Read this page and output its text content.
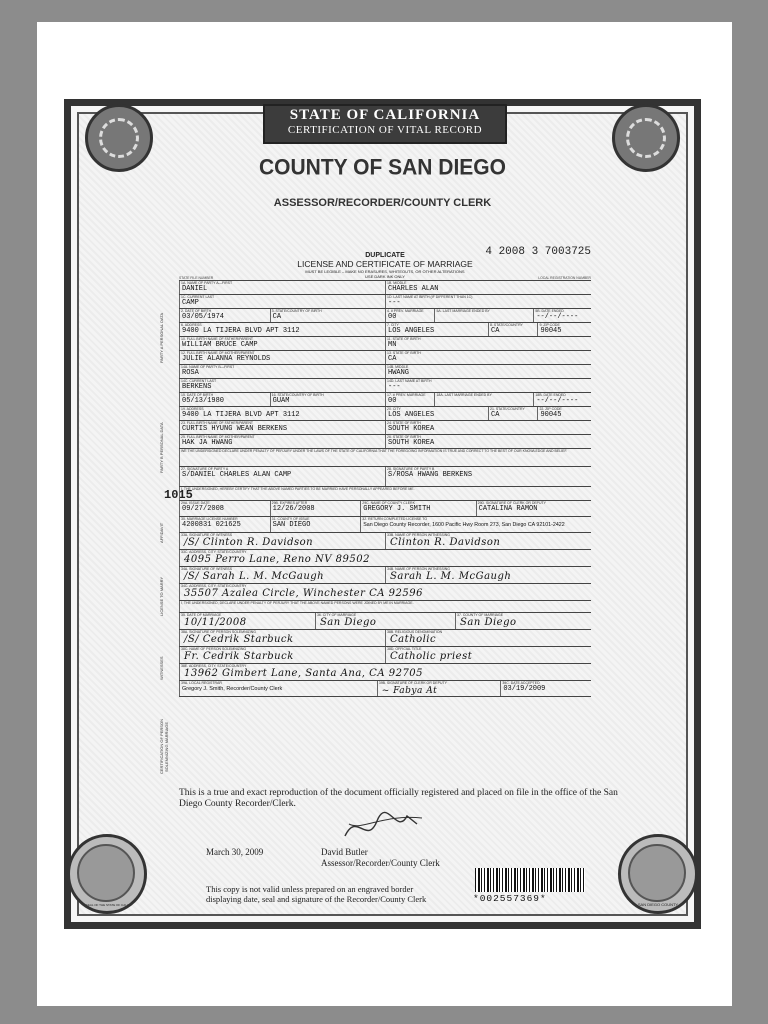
STATE OF CALIFORNIA
CERTIFICATION OF VITAL RECORD
COUNTY OF SAN DIEGO
ASSESSOR/RECORDER/COUNTY CLERK
DUPLICATE
LICENSE AND CERTIFICATE OF MARRIAGE
MUST BE LEGIBLE – MAKE NO ERASURES, WHITEOUTS, OR OTHER ALTERATIONS
USE DARK INK ONLY
4 2008 3 7003725
STATE FILE NUMBER	LOCAL REGISTRATION NUMBER
1015
PARTY A PERSONAL DATA
PARTY B PERSONAL DATA
AFFIDAVIT
LICENSE TO MARRY
WITNESSES
CERTIFICATION OF PERSON SOLEMNIZING MARRIAGE
1A. NAME OF PARTY A—FIRST
DANIEL
1B. MIDDLE
CHARLES ALAN
1C. CURRENT LAST
CAMP
1D. LAST NAME AT BIRTH (IF DIFFERENT THAN 1C)
---
2. DATE OF BIRTH
03/05/1974
3. STATE/COUNTRY OF BIRTH
CA
4. # PREV. MARRIAGE
00
5A. LAST MARRIAGE ENDED BY	5B. DATE ENDED
--/--/----
6. ADDRESS
9400 LA TIJERA BLVD APT 3112
7. CITY
LOS ANGELES
8. STATE/COUNTRY
CA
9. ZIP CODE
90045
10. FULL BIRTH NAME OF FATHER/PARENT
WILLIAM BRUCE CAMP
11. STATE OF BIRTH
MN
12. FULL BIRTH NAME OF MOTHER/PARENT
JULIE ALANNA REYNOLDS
13. STATE OF BIRTH
CA
14A. NAME OF PARTY B—FIRST
ROSA
14B. MIDDLE
HWANG
14C. CURRENT LAST
BERKENS
14D. LAST NAME AT BIRTH
---
15. DATE OF BIRTH
05/13/1980
16. STATE/COUNTRY OF BIRTH
GUAM
17. # PREV. MARRIAGE
00
18A. LAST MARRIAGE ENDED BY	18B. DATE ENDED
--/--/----
19. ADDRESS
9400 LA TIJERA BLVD APT 3112
20. CITY
LOS ANGELES
21. STATE/COUNTRY
CA
22. ZIP CODE
90045
23. FULL BIRTH NAME OF FATHER/PARENT
CURTIS HYUNG WEAN BERKENS
24. STATE OF BIRTH
SOUTH KOREA
25. FULL BIRTH NAME OF MOTHER/PARENT
HAK JA HWANG
26. STATE OF BIRTH
SOUTH KOREA
WE THE UNDERSIGNED DECLARE UNDER PENALTY OF PERJURY UNDER THE LAWS OF THE STATE OF CALIFORNIA THAT THE FOREGOING INFORMATION IS TRUE AND CORRECT TO THE BEST OF OUR KNOWLEDGE AND BELIEF.
27. SIGNATURE OF PARTY A
S/DANIEL CHARLES ALAN CAMP
28. SIGNATURE OF PARTY B
S/ROSA HWANG BERKENS
I, THE UNDERSIGNED, HEREBY CERTIFY THAT THE ABOVE NAMED PARTIES TO BE MARRIED HAVE PERSONALLY APPEARED BEFORE ME.
29A. ISSUE DATE
09/27/2008
29B. EXPIRES AFTER
12/26/2008
29C. NAME OF COUNTY CLERK
GREGORY J. SMITH
29D. SIGNATURE OF CLERK OR DEPUTY
CATALINA RAMON
30. MARRIAGE LICENSE NUMBER
4200831 021625
31. COUNTY OF ISSUE
SAN DIEGO
32. RETURN COMPLETED LICENSE TO
San Diego County Recorder, 1600 Pacific Hwy Room 273, San Diego CA 92101-2422
33A. SIGNATURE OF WITNESS
/S/ Clinton R. Davidson
33B. NAME OF PERSON WITNESSING
Clinton R. Davidson
33C. ADDRESS, CITY, STATE/COUNTRY
4095 Perro Lane, Reno NV 89502
34A. SIGNATURE OF WITNESS
/S/ Sarah L. M. McGaugh
34B. NAME OF PERSON WITNESSING
Sarah L. M. McGaugh
34C. ADDRESS, CITY, STATE/COUNTRY
35507 Azalea Circle, Winchester CA 92596
I, THE UNDERSIGNED, DECLARE UNDER PENALTY OF PERJURY THAT THE ABOVE NAMED PERSONS WERE JOINED BY ME IN MARRIAGE.
35. DATE OF MARRIAGE
10/11/2008
36. CITY OF MARRIAGE
San Diego
37. COUNTY OF MARRIAGE
San Diego
38A. SIGNATURE OF PERSON SOLEMNIZING
/S/ Cedrik Starbuck
38B. RELIGIOUS DENOMINATION
Catholic
38C. NAME OF PERSON SOLEMNIZING
Fr. Cedrik Starbuck
38D. OFFICIAL TITLE
Catholic priest
38E. ADDRESS, CITY, STATE/COUNTRY
13962 Gimbert Lane, Santa Ana, CA 92705
39A. LOCAL REGISTRAR
Gregory J. Smith, Recorder/County Clerk
39B. SIGNATURE OF CLERK OR DEPUTY
~ Fabya At
39C. DATE ACCEPTED
03/19/2009
This is a true and exact reproduction of the document officially registered and placed on file in the office of the San Diego County Recorder/Clerk.
March 30, 2009	David Butler
Assessor/Recorder/County Clerk
This copy is not valid unless prepared on an engraved border displaying date, seal and signature of the Recorder/County Clerk	*002557369*
GREAT SEAL OF THE STATE OF CALIFORNIA	SAN DIEGO COUNTY
